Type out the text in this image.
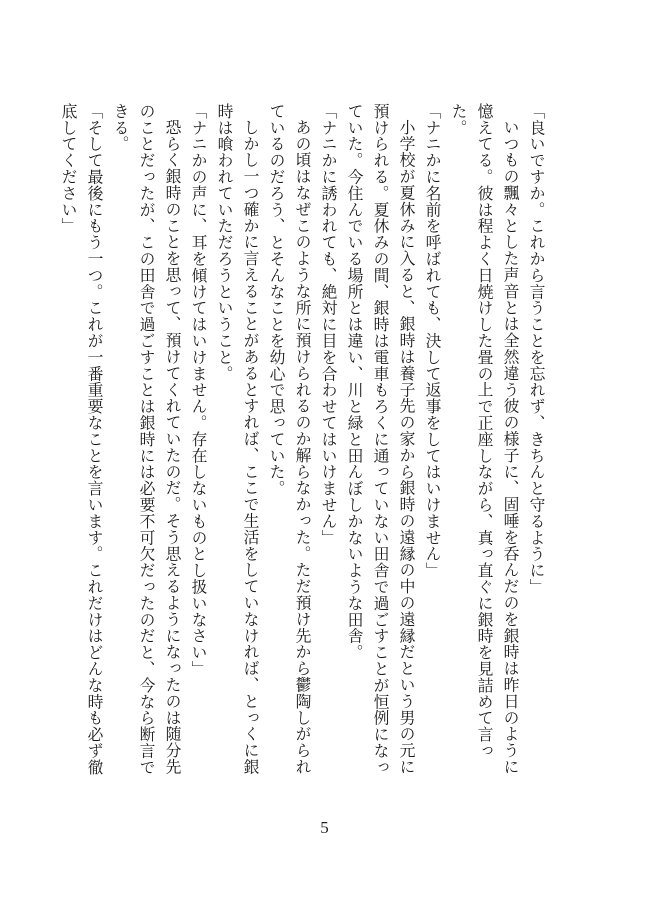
「良いですか。これから言うことを忘れず、きちんと守るように」

いつもの飄々とした声音とは全然違う彼の様子に、固唾を呑んだのを銀時は昨日のように憶えてる。彼は程よく日焼けした畳の上で正座しながら、真っ直ぐに銀時を見詰めて言った。

「ナニかに名前を呼ばれても、決して返事をしてはいけません」

小学校が夏休みに入ると、銀時は養子先の家から銀時の遠縁の中の遠縁だという男の元に預けられる。夏休みの間、銀時は電車もろくに通っていない田舎で過ごすことが恒例になっていた。今住んでいる場所とは違い、川と緑と田んぼしかないような田舎。

「ナニかに誘われても、絶対に目を合わせてはいけません」

あの頃はなぜこのような所に預けられるのか解らなかった。ただ預け先から鬱陶しがられているのだろう、とそんなことを幼心で思っていた。

しかし一つ確かに言えることがあるとすれば、ここで生活をしていなければ、とっくに銀時は喰われていただろうということ。

「ナニかの声に、耳を傾けてはいけません。存在しないものとし扱いなさい」

恐らく銀時のことを思って、預けてくれていたのだ。そう思えるようになったのは随分先のことだったが、この田舎で過ごすことは銀時には必要不可欠だったのだと、今なら断言できる。

「そして最後にもう一つ。これが一番重要なことを言います。これだけはどんな時も必ず徹底してください」

5
